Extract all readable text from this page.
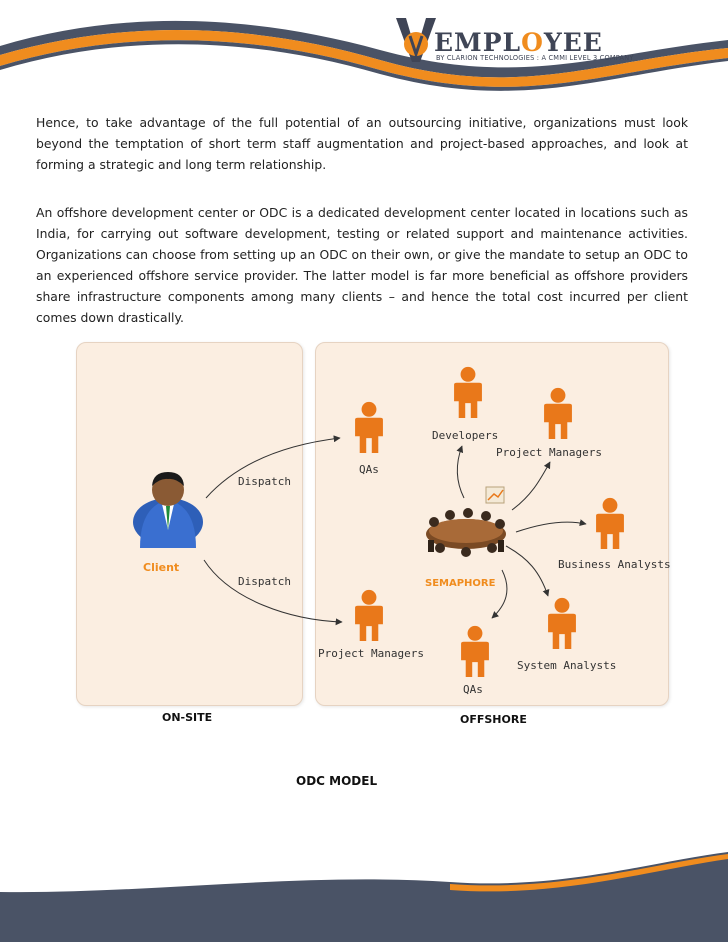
EMPLOYEE
BY CLARION TECHNOLOGIES : A CMMI LEVEL 3 COMPANY

Hence, to take advantage of the full potential of an outsourcing initiative, organizations must look beyond the temptation of short term staff augmentation and project-based approaches, and look at forming a strategic and long term relationship.

An offshore development center or ODC is a dedicated development center located in locations such as India, for carrying out software development, testing or related support and maintenance activities. Organizations can choose from setting up an ODC on their own, or give the mandate to setup an ODC to an experienced offshore service provider. The latter model is far more beneficial as offshore providers share infrastructure components among many clients – and hence the total cost incurred per client comes down drastically.

Client
Dispatch
Dispatch
QAs
Project Managers
Developers
Project Managers
Business Analysts
System Analysts
QAs
SEMAPHORE
ON-SITE	OFFSHORE
ODC MODEL
